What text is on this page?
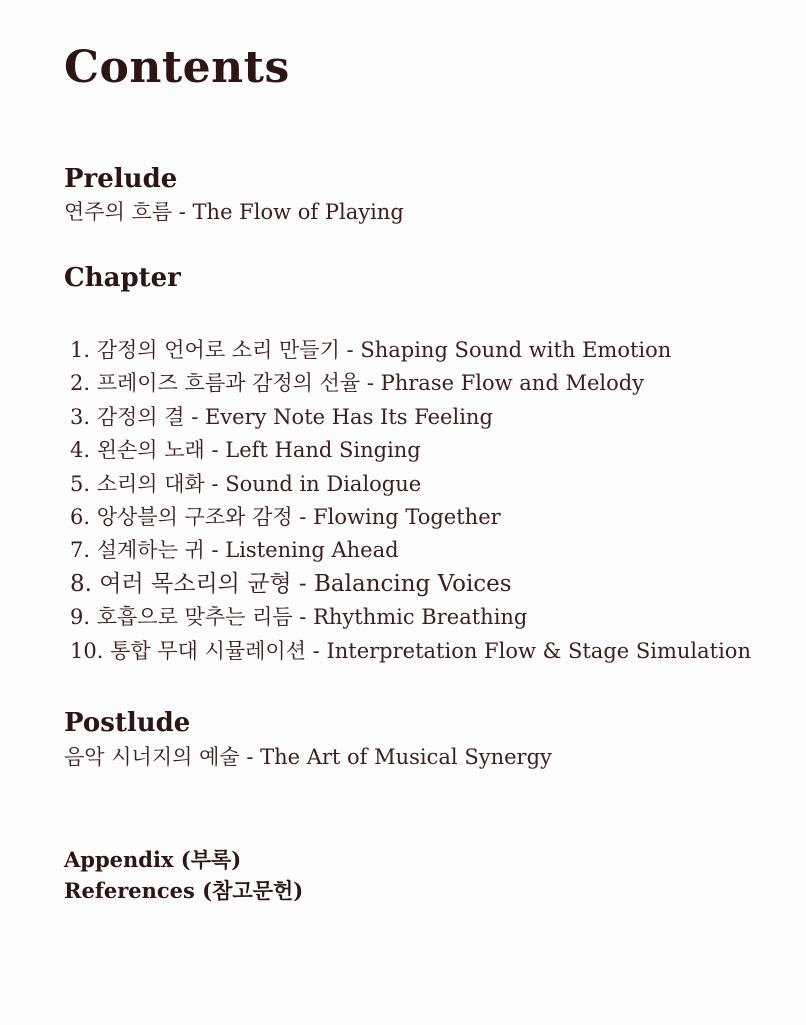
Contents
Prelude

연주의 흐름 - The Flow of Playing

Chapter
1. 감정의 언어로 소리 만들기 - Shaping Sound with Emotion
2. 프레이즈 흐름과 감정의 선율 - Phrase Flow and Melody
3. 감정의 결 - Every Note Has Its Feeling
4. 왼손의 노래 - Left Hand Singing
5. 소리의 대화 - Sound in Dialogue
6. 앙상블의 구조와 감정 - Flowing Together
7. 설계하는 귀 - Listening Ahead
8. 여러 목소리의 균형 - Balancing Voices
9. 호흡으로 맞추는 리듬 - Rhythmic Breathing
10. 통합 무대 시뮬레이션 - Interpretation Flow & Stage Simulation
Postlude

음악 시너지의 예술 - The Art of Musical Synergy

Appendix (부록)

References (참고문헌)
